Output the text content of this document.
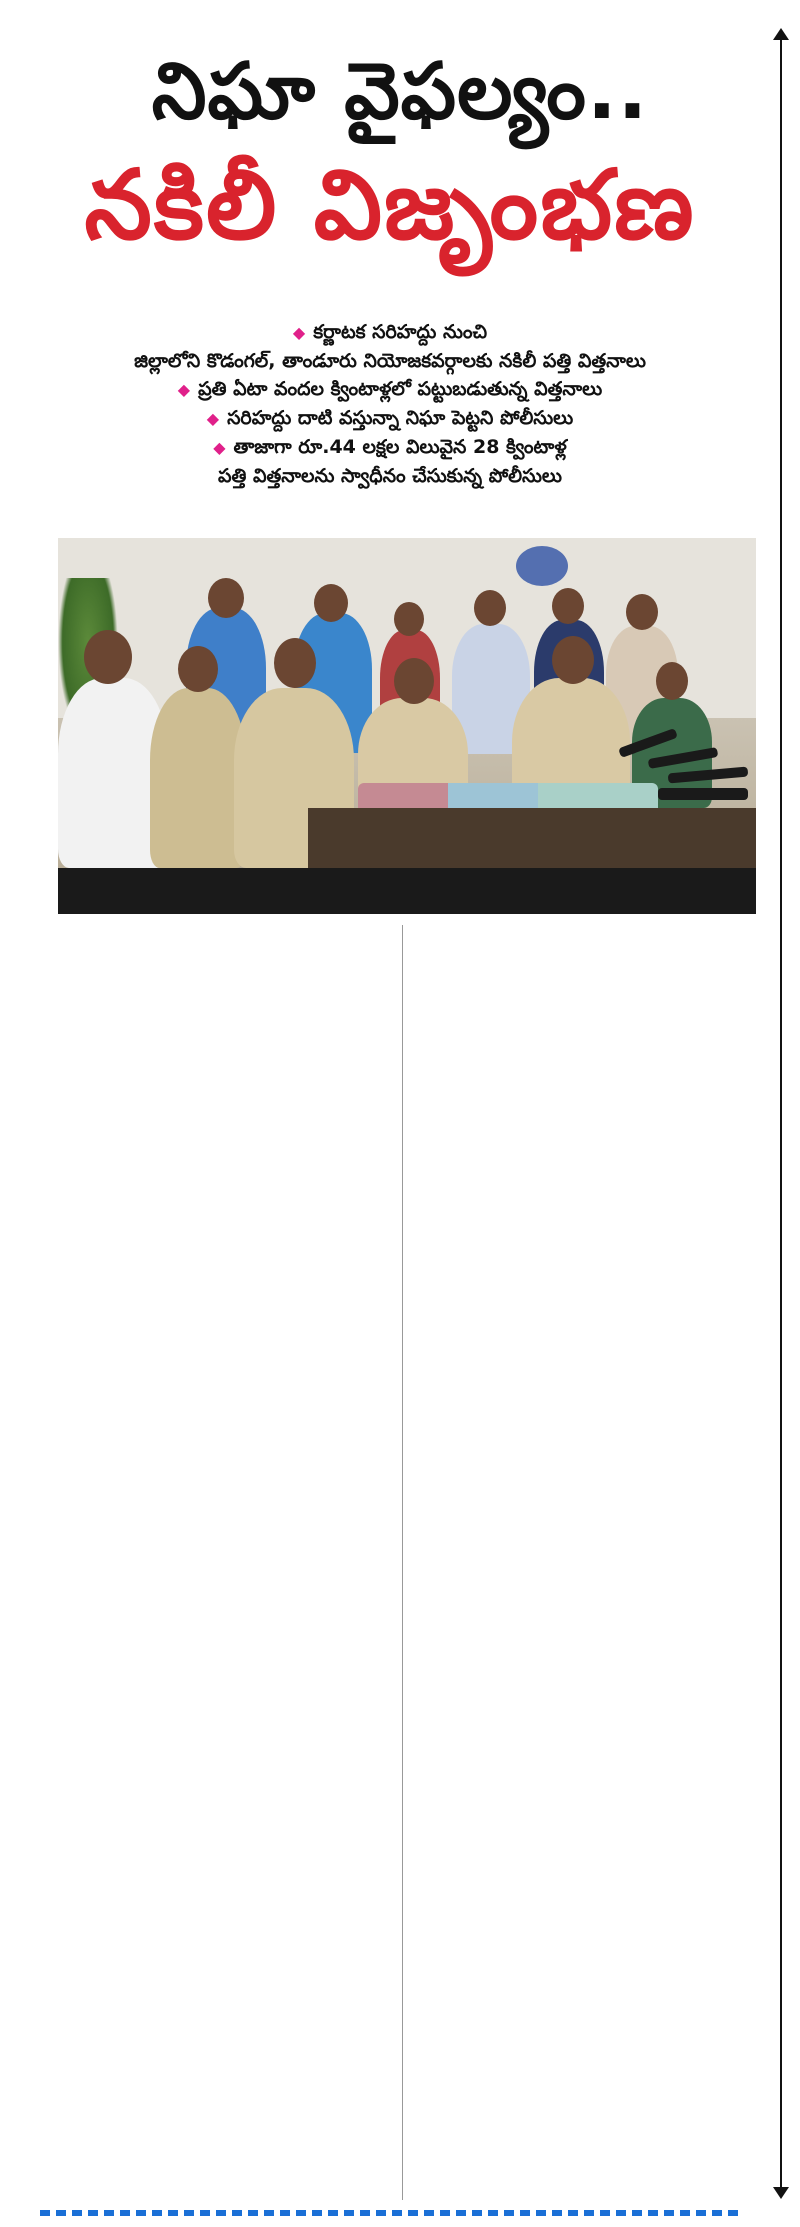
నిఘా వైఫల్యం..
నకిలీ విజృంభణ
◆ కర్ణాటక సరిహద్దు నుంచి
జిల్లాలోని కొడంగల్, తాండూరు నియోజకవర్గాలకు నకిలీ పత్తి విత్తనాలు
◆ ప్రతి ఏటా వందల క్వింటాళ్లలో పట్టుబడుతున్న విత్తనాలు
◆ సరిహద్దు దాటి వస్తున్నా నిఘా పెట్టని పోలీసులు
◆ తాజాగా రూ.44 లక్షల విలువైన 28 క్వింటాళ్ల
పత్తి విత్తనాలను స్వాధీనం చేసుకున్న పోలీసులు
